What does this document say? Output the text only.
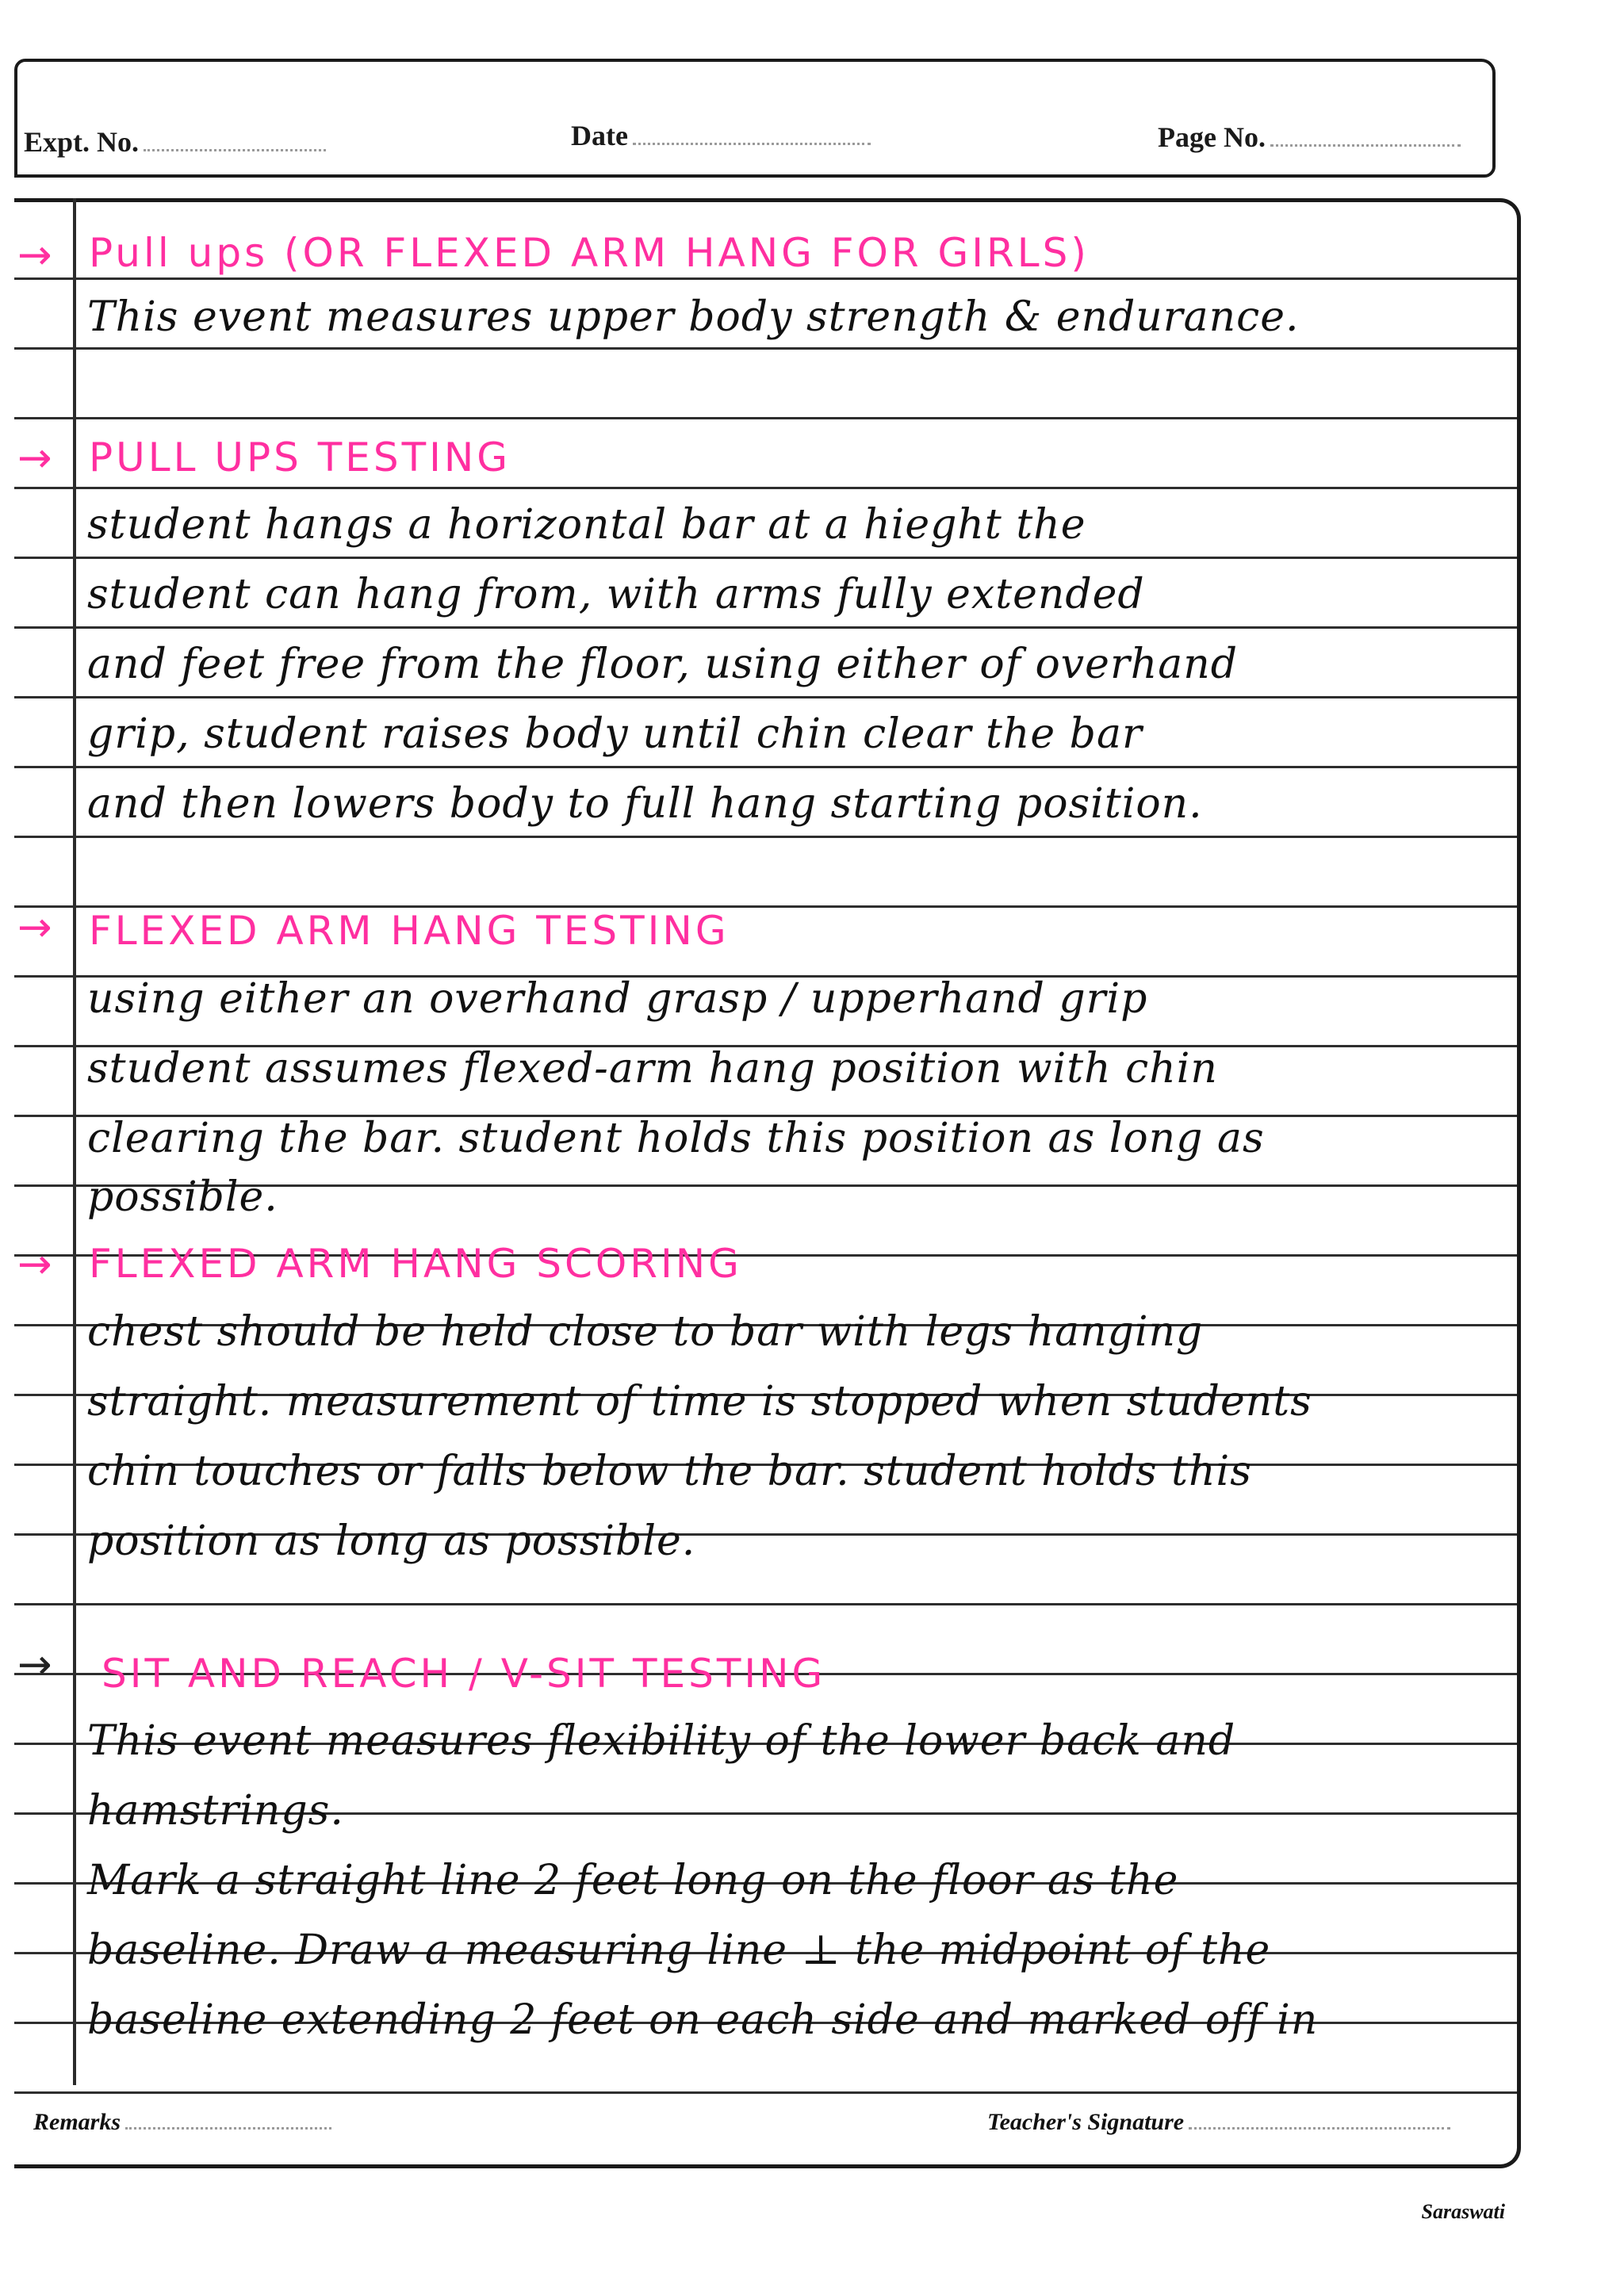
Expt. No.	Date	Page No.
→ Pull ups (OR FLEXED ARM HANG FOR GIRLS)
This event measures upper body strength & endurance.
→ PULL UPS TESTING
student hangs a horizontal bar at a hieght the
student can hang from, with arms fully extended
and feet free from the floor, using either of overhand
grip, student raises body until chin clear the bar
and then lowers body to full hang starting position.
→ FLEXED ARM HANG TESTING
using either an overhand grasp / upperhand grip
student assumes flexed-arm hang position with chin
clearing the bar. student holds this position as long as
possible.
→ FLEXED ARM HANG SCORING
chest should be held close to bar with legs hanging
straight. measurement of time is stopped when students
chin touches or falls below the bar. student holds this
position as long as possible.
→ SIT AND REACH / V-SIT TESTING
This event measures flexibility of the lower back and
hamstrings.
Mark a straight line 2 feet long on the floor as the
baseline. Draw a measuring line ⊥ the midpoint of the
baseline extending 2 feet on each side and marked off in
Remarks	Teacher's Signature
Saraswati
